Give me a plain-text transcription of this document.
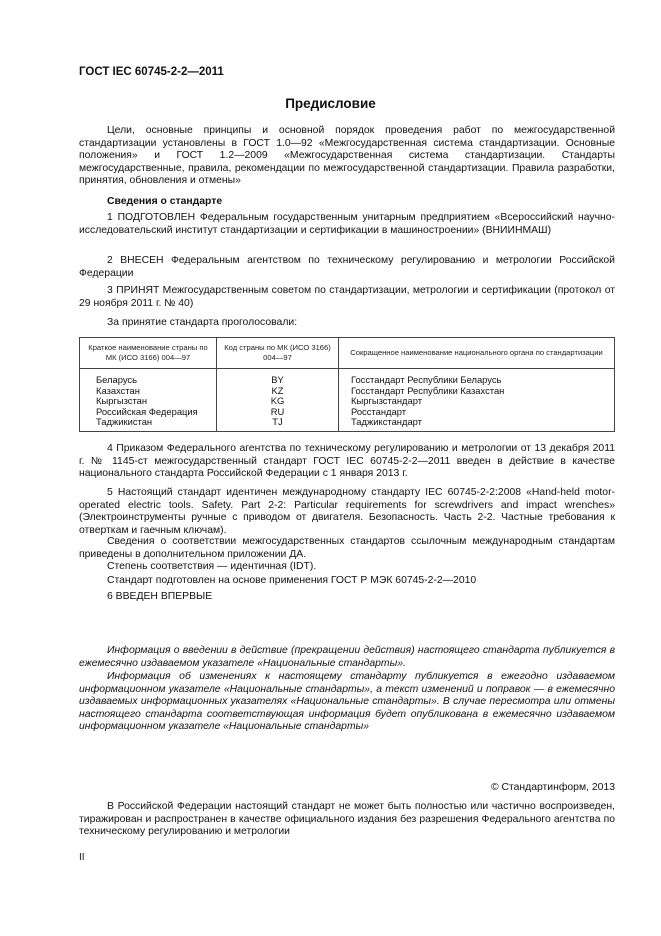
ГОСТ IEC 60745-2-2—2011
Предисловие
Цели, основные принципы и основной порядок проведения работ по межгосударственной стандартизации установлены в ГОСТ 1.0—92 «Межгосударственная система стандартизации. Основные положения» и ГОСТ 1.2—2009 «Межгосударственная система стандартизации. Стандарты межгосударственные, правила, рекомендации по межгосударственной стандартизации. Правила разработки, принятия, обновления и отмены»
Сведения о стандарте
1 ПОДГОТОВЛЕН Федеральным государственным унитарным предприятием «Всероссийский научно-исследовательский институт стандартизации и сертификации в машиностроении» (ВНИИНМАШ)
2 ВНЕСЕН Федеральным агентством по техническому регулированию и метрологии Российской Федерации
3 ПРИНЯТ Межгосударственным советом по стандартизации, метрологии и сертификации (протокол от 29 ноября 2011 г. № 40)
За принятие стандарта проголосовали:
Краткое наименование страны по МК (ИСО 3166) 004—97	Код страны по МК (ИСО 3166) 004—97	Сокращенное наименование национального органа по стандартизации
Беларусь	BY	Госстандарт Республики Беларусь
Казахстан	KZ	Госстандарт Республики Казахстан
Кыргызстан	KG	Кыргызстандарт
Российская Федерация	RU	Росстандарт
Таджикистан	TJ	Таджикстандарт
4 Приказом Федерального агентства по техническому регулированию и метрологии от 13 декабря 2011 г. № 1145-ст межгосударственный стандарт ГОСТ IEC 60745-2-2—2011 введен в действие в качестве национального стандарта Российской Федерации с 1 января 2013 г.
5 Настоящий стандарт идентичен международному стандарту IEC 60745-2-2:2008 «Hand-held motor-operated electric tools. Safety. Part 2-2: Particular requirements for screwdrivers and impact wrenches» (Электроинструменты ручные с приводом от двигателя. Безопасность. Часть 2-2. Частные требования к отверткам и гаечным ключам).
Сведения о соответствии межгосударственных стандартов ссылочным международным стандартам приведены в дополнительном приложении ДА.
Степень соответствия — идентичная (IDT).
Стандарт подготовлен на основе применения ГОСТ Р МЭК 60745-2-2—2010
6 ВВЕДЕН ВПЕРВЫЕ
Информация о введении в действие (прекращении действия) настоящего стандарта публикуется в ежемесячно издаваемом указателе «Национальные стандарты».
Информация об изменениях к настоящему стандарту публикуется в ежегодно издаваемом информационном указателе «Национальные стандарты», а текст изменений и поправок — в ежемесячно издаваемых информационных указателях «Национальные стандарты». В случае пересмотра или отмены настоящего стандарта соответствующая информация будет опубликована в ежемесячно издаваемом информационном указателе «Национальные стандарты»
© Стандартинформ, 2013
В Российской Федерации настоящий стандарт не может быть полностью или частично воспроизведен, тиражирован и распространен в качестве официального издания без разрешения Федерального агентства по техническому регулированию и метрологии
II
